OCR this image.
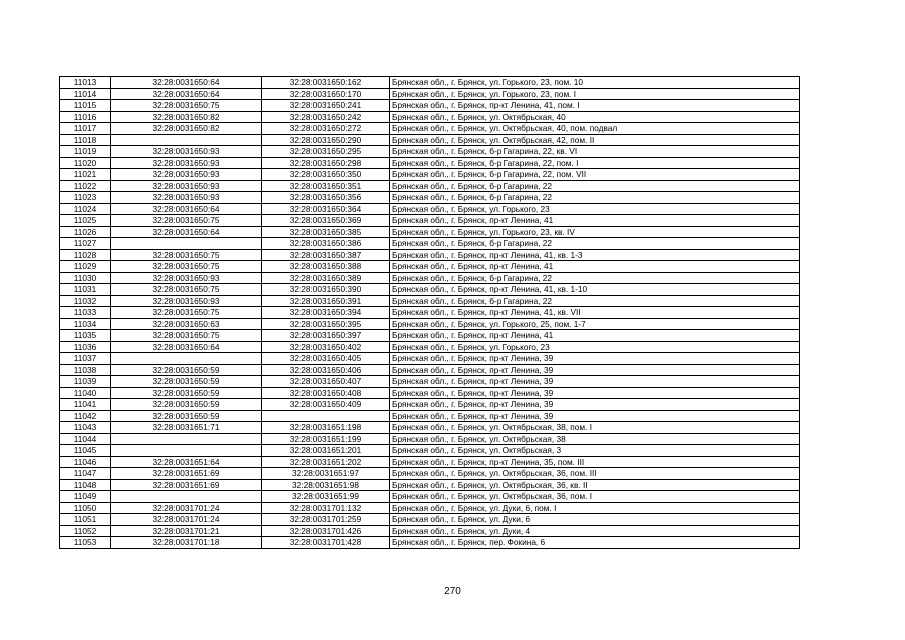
11013	32:28:0031650:64	32:28:0031650:162	Брянская обл., г. Брянск, ул. Горького, 23, пом. 10
11014	32:28:0031650:64	32:28:0031650:170	Брянская обл., г. Брянск, ул. Горького, 23, пом. I
11015	32:28:0031650:75	32:28:0031650:241	Брянская обл., г. Брянск, пр-кт Ленина, 41, пом. I
11016	32:28:0031650:82	32:28:0031650:242	Брянская обл., г. Брянск, ул. Октябрьская, 40
11017	32:28:0031650:82	32:28:0031650:272	Брянская обл., г. Брянск, ул. Октябрьская, 40, пом. подвал
11018		32:28:0031650:290	Брянская обл., г. Брянск, ул. Октябрьская, 42, пом. II
11019	32:28:0031650:93	32:28:0031650:295	Брянская обл., г. Брянск, б-р Гагарина, 22, кв. VI
11020	32:28:0031650:93	32:28:0031650:298	Брянская обл., г. Брянск, б-р Гагарина, 22, пом. I
11021	32:28:0031650:93	32:28:0031650:350	Брянская обл., г. Брянск, б-р Гагарина, 22, пом. VII
11022	32:28:0031650:93	32:28:0031650:351	Брянская обл., г. Брянск, б-р Гагарина, 22
11023	32:28:0031650:93	32:28:0031650:356	Брянская обл., г. Брянск, б-р Гагарина, 22
11024	32:28:0031650:64	32:28:0031650:364	Брянская обл., г. Брянск, ул. Горького, 23
11025	32:28:0031650:75	32:28:0031650:369	Брянская обл., г. Брянск, пр-кт Ленина, 41
11026	32:28:0031650:64	32:28:0031650:385	Брянская обл., г. Брянск, ул. Горького, 23, кв. IV
11027		32:28:0031650:386	Брянская обл., г. Брянск, б-р Гагарина, 22
11028	32:28:0031650:75	32:28:0031650:387	Брянская обл., г. Брянск, пр-кт Ленина, 41, кв. 1-3
11029	32:28:0031650:75	32:28:0031650:388	Брянская обл., г. Брянск, пр-кт Ленина, 41
11030	32:28:0031650:93	32:28:0031650:389	Брянская обл., г. Брянск, б-р Гагарина, 22
11031	32:28:0031650:75	32:28:0031650:390	Брянская обл., г. Брянск, пр-кт Ленина, 41, кв. 1-10
11032	32:28:0031650:93	32:28:0031650:391	Брянская обл., г. Брянск, б-р Гагарина, 22
11033	32:28:0031650:75	32:28:0031650:394	Брянская обл., г. Брянск, пр-кт Ленина, 41, кв. VII
11034	32:28:0031650:63	32:28:0031650:395	Брянская обл., г. Брянск, ул. Горького, 25, пом. 1-7
11035	32:28:0031650:75	32:28:0031650:397	Брянская обл., г. Брянск, пр-кт Ленина, 41
11036	32:28:0031650:64	32:28:0031650:402	Брянская обл., г. Брянск, ул. Горького, 23
11037		32:28:0031650:405	Брянская обл., г. Брянск, пр-кт Ленина, 39
11038	32:28:0031650:59	32:28:0031650:406	Брянская обл., г. Брянск, пр-кт Ленина, 39
11039	32:28:0031650:59	32:28:0031650:407	Брянская обл., г. Брянск, пр-кт Ленина, 39
11040	32:28:0031650:59	32:28:0031650:408	Брянская обл., г. Брянск, пр-кт Ленина, 39
11041	32:28:0031650:59	32:28:0031650:409	Брянская обл., г. Брянск, пр-кт Ленина, 39
11042	32:28:0031650:59		Брянская обл., г. Брянск, пр-кт Ленина, 39
11043	32:28:0031651:71	32:28:0031651:198	Брянская обл., г. Брянск, ул. Октябрьская, 38, пом. I
11044		32:28:0031651:199	Брянская обл., г. Брянск, ул. Октябрьская, 38
11045		32:28:0031651:201	Брянская обл., г. Брянск, ул. Октябрьская, 3
11046	32:28:0031651:64	32:28:0031651:202	Брянская обл., г. Брянск, пр-кт Ленина, 35, пом. III
11047	32:28:0031651:69	32:28:0031651:97	Брянская обл., г. Брянск, ул. Октябрьская, 36, пом. III
11048	32:28:0031651:69	32:28:0031651:98	Брянская обл., г. Брянск, ул. Октябрьская, 36, кв. II
11049		32:28:0031651:99	Брянская обл., г. Брянск, ул. Октябрьская, 36, пом. I
11050	32:28:0031701:24	32:28:0031701:132	Брянская обл., г. Брянск, ул. Дуки, 6, пом. I
11051	32:28:0031701:24	32:28:0031701:259	Брянская обл., г. Брянск, ул. Дуки, 6
11052	32:28:0031701:21	32:28:0031701:426	Брянская обл., г. Брянск, ул. Дуки, 4
11053	32:28:0031701:18	32:28:0031701:428	Брянская обл., г. Брянск, пер. Фокина, 6
270
